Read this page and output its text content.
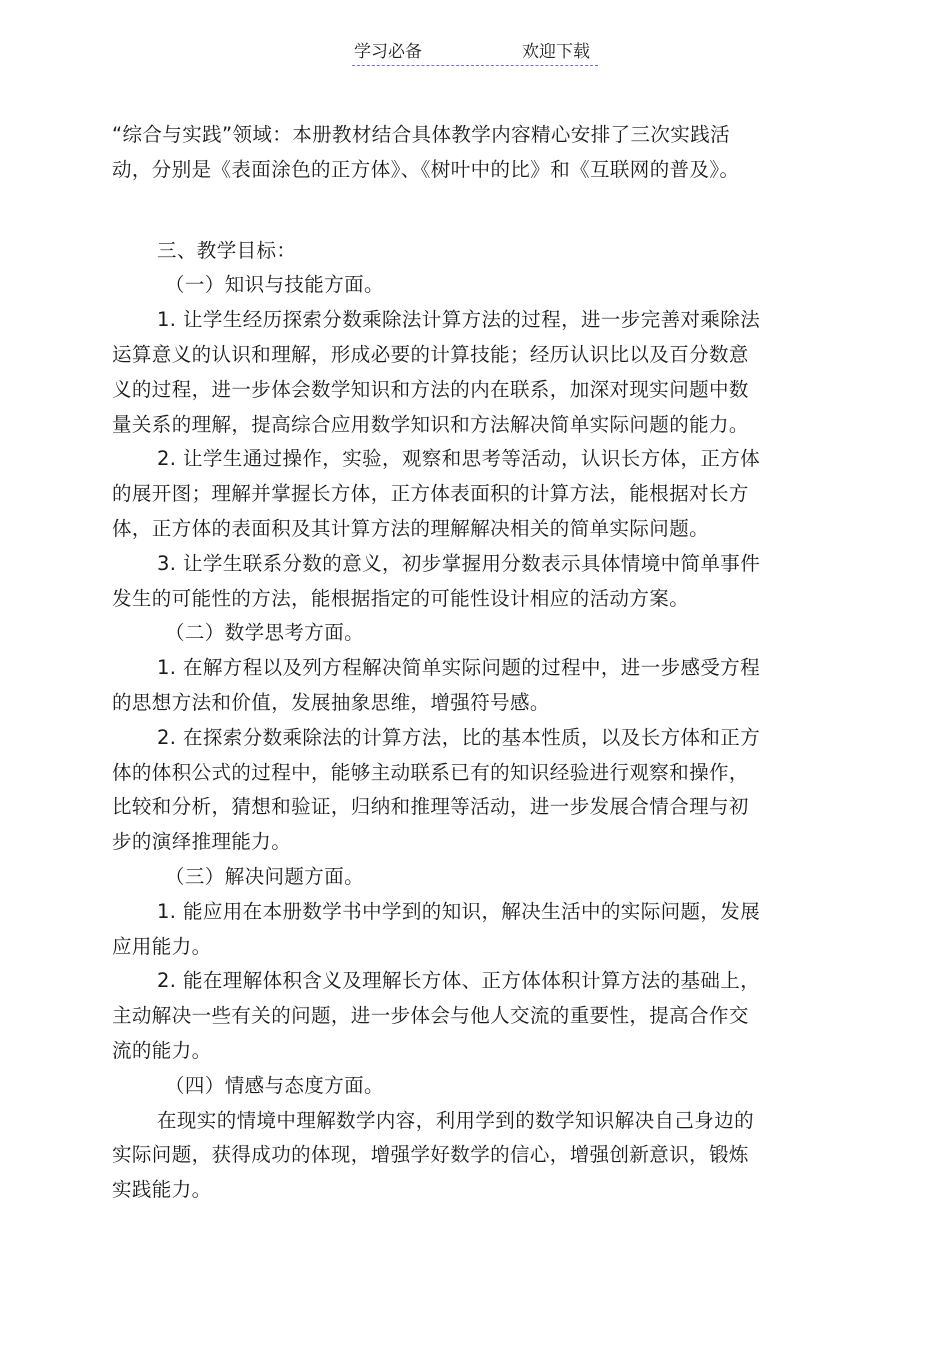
学习必备	欢迎下载
“综合与实践”领域：本册教材结合具体教学内容精心安排了三次实践活
动，分别是《表面涂色的正方体》、《树叶中的比》和《互联网的普及》。
三、教学目标：
（一）知识与技能方面。
1. 让学生经历探索分数乘除法计算方法的过程，进一步完善对乘除法
运算意义的认识和理解，形成必要的计算技能；经历认识比以及百分数意
义的过程，进一步体会数学知识和方法的内在联系，加深对现实问题中数
量关系的理解，提高综合应用数学知识和方法解决简单实际问题的能力。
2. 让学生通过操作，实验，观察和思考等活动，认识长方体，正方体
的展开图；理解并掌握长方体，正方体表面积的计算方法，能根据对长方
体，正方体的表面积及其计算方法的理解解决相关的简单实际问题。
3. 让学生联系分数的意义，初步掌握用分数表示具体情境中简单事件
发生的可能性的方法，能根据指定的可能性设计相应的活动方案。
（二）数学思考方面。
1. 在解方程以及列方程解决简单实际问题的过程中，进一步感受方程
的思想方法和价值，发展抽象思维，增强符号感。
2. 在探索分数乘除法的计算方法，比的基本性质，以及长方体和正方
体的体积公式的过程中，能够主动联系已有的知识经验进行观察和操作，
比较和分析，猜想和验证，归纳和推理等活动，进一步发展合情合理与初
步的演绎推理能力。
（三）解决问题方面。
1. 能应用在本册数学书中学到的知识，解决生活中的实际问题，发展
应用能力。
2. 能在理解体积含义及理解长方体、正方体体积计算方法的基础上，
主动解决一些有关的问题，进一步体会与他人交流的重要性，提高合作交
流的能力。
（四）情感与态度方面。
在现实的情境中理解数学内容，利用学到的数学知识解决自己身边的
实际问题，获得成功的体现，增强学好数学的信心，增强创新意识，锻炼
实践能力。
